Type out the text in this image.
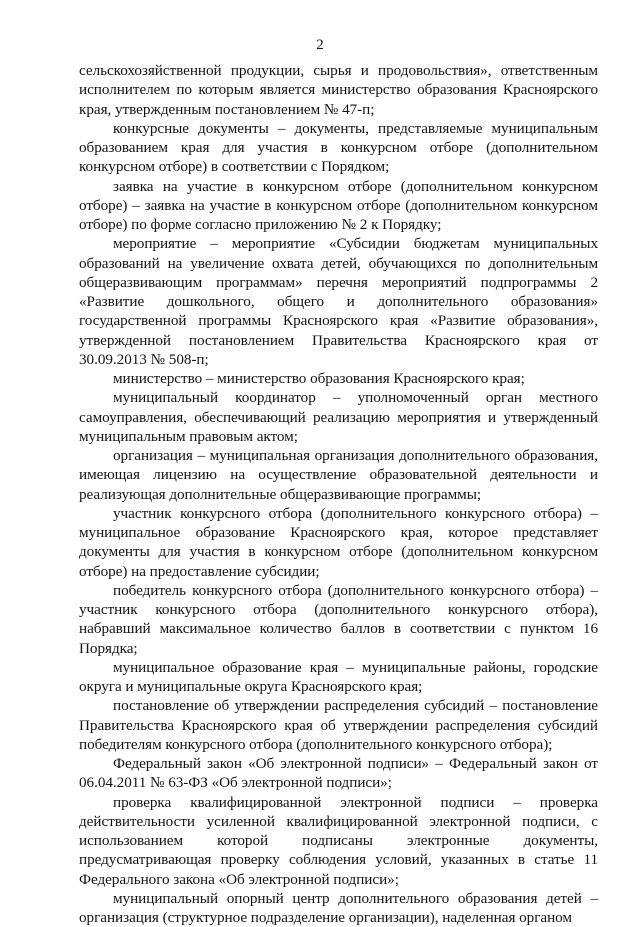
2

сельскохозяйственной продукции, сырья и продовольствия», ответственным исполнителем по которым является министерство образования Красноярского края, утвержденным постановлением № 47-п;

конкурсные документы – документы, представляемые муниципальным образованием края для участия в конкурсном отборе (дополнительном конкурсном отборе) в соответствии с Порядком;

заявка на участие в конкурсном отборе (дополнительном конкурсном отборе) – заявка на участие в конкурсном отборе (дополнительном конкурсном отборе) по форме согласно приложению № 2 к Порядку;

мероприятие – мероприятие «Субсидии бюджетам муниципальных образований на увеличение охвата детей, обучающихся по дополнительным общеразвивающим программам» перечня мероприятий подпрограммы 2 «Развитие дошкольного, общего и дополнительного образования» государственной программы Красноярского края «Развитие образования», утвержденной постановлением Правительства Красноярского края от 30.09.2013 № 508-п;

министерство – министерство образования Красноярского края;

муниципальный координатор – уполномоченный орган местного самоуправления, обеспечивающий реализацию мероприятия и утвержденный муниципальным правовым актом;

организация – муниципальная организация дополнительного образования, имеющая лицензию на осуществление образовательной деятельности и реализующая дополнительные общеразвивающие программы;

участник конкурсного отбора (дополнительного конкурсного отбора) – муниципальное образование Красноярского края, которое представляет документы для участия в конкурсном отборе (дополнительном конкурсном отборе) на предоставление субсидии;

победитель конкурсного отбора (дополнительного конкурсного отбора) – участник конкурсного отбора (дополнительного конкурсного отбора), набравший максимальное количество баллов в соответствии с пунктом 16 Порядка;

муниципальное образование края – муниципальные районы, городские округа и муниципальные округа Красноярского края;

постановление об утверждении распределения субсидий – постановление Правительства Красноярского края об утверждении распределения субсидий победителям конкурсного отбора (дополнительного конкурсного отбора);

Федеральный закон «Об электронной подписи» – Федеральный закон от 06.04.2011 № 63-ФЗ «Об электронной подписи»;

проверка квалифицированной электронной подписи – проверка действительности усиленной квалифицированной электронной подписи, с использованием которой подписаны электронные документы, предусматривающая проверку соблюдения условий, указанных в статье 11 Федерального закона «Об электронной подписи»;

муниципальный опорный центр дополнительного образования детей – организация (структурное подразделение организации), наделенная органом
